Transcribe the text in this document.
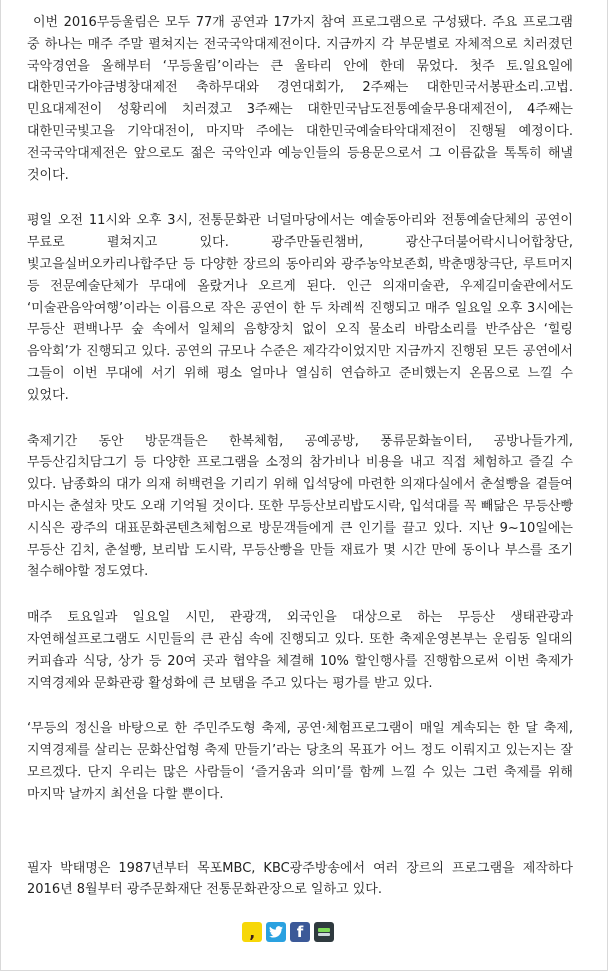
이번 2016무등울림은 모두 77개 공연과 17가지 참여 프로그램으로 구성됐다. 주요 프로그램 중 하나는 매주 주말 펼쳐지는 전국국악대제전이다. 지금까지 각 부문별로 자체적으로 치러졌던 국악경연을 올해부터 ‘무등울림’이라는 큰 울타리 안에 한데 묶었다. 첫주 토.일요일에 대한민국가야금병창대제전 축하무대와 경연대회가, 2주째는 대한민국서봉판소리.고법.민요대제전이 성황리에 치러졌고 3주째는 대한민국남도전통예술무용대제전이, 4주째는 대한민국빛고을 기악대전이, 마지막 주에는 대한민국예술타악대제전이 진행될 예정이다. 전국국악대제전은 앞으로도 젊은 국악인과 예능인들의 등용문으로서 그 이름값을 톡톡히 해낼 것이다.

평일 오전 11시와 오후 3시, 전통문화관 너덜마당에서는 예술동아리와 전통예술단체의 공연이 무료로 펼쳐지고 있다. 광주만돌린챔버, 광산구더불어락시니어합창단, 빛고을실버오카리나합주단 등 다양한 장르의 동아리와 광주농악보존회, 박춘맹창극단, 루트머지 등 전문예술단체가 무대에 올랐거나 오르게 된다. 인근 의재미술관, 우제길미술관에서도 ‘미술관음악여행’이라는 이름으로 작은 공연이 한 두 차례씩 진행되고 매주 일요일 오후 3시에는 무등산 편백나무 숲 속에서 일체의 음향장치 없이 오직 물소리 바람소리를 반주삼은 ‘힐링 음악회’가 진행되고 있다. 공연의 규모나 수준은 제각각이었지만 지금까지 진행된 모든 공연에서 그들이 이번 무대에 서기 위해 평소 얼마나 열심히 연습하고 준비했는지 온몸으로 느낄 수 있었다.

축제기간 동안 방문객들은 한복체험, 공예공방, 풍류문화놀이터, 공방나들가게, 무등산김치담그기 등 다양한 프로그램을 소정의 참가비나 비용을 내고 직접 체험하고 즐길 수 있다. 남종화의 대가 의재 허백련을 기리기 위해 입석당에 마련한 의재다실에서 춘설빵을 곁들여 마시는 춘설차 맛도 오래 기억될 것이다. 또한 무등산보리밥도시락, 입석대를 꼭 빼닮은 무등산빵 시식은 광주의 대표문화콘텐츠체험으로 방문객들에게 큰 인기를 끌고 있다. 지난 9~10일에는 무등산 김치, 춘설빵, 보리밥 도시락, 무등산빵을 만들 재료가 몇 시간 만에 동이나 부스를 조기 철수해야할 정도였다.

매주 토요일과 일요일 시민, 관광객, 외국인을 대상으로 하는 무등산 생태관광과 자연해설프로그램도 시민들의 큰 관심 속에 진행되고 있다. 또한 축제운영본부는 운림동 일대의 커피숍과 식당, 상가 등 20여 곳과 협약을 체결해 10% 할인행사를 진행함으로써 이번 축제가 지역경제와 문화관광 활성화에 큰 보탬을 주고 있다는 평가를 받고 있다.

‘무등의 정신을 바탕으로 한 주민주도형 축제, 공연·체험프로그램이 매일 계속되는 한 달 축제, 지역경제를 살리는 문화산업형 축제 만들기’라는 당초의 목표가 어느 정도 이뤄지고 있는지는 잘 모르겠다. 단지 우리는 많은 사람들이 ‘즐거움과 의미’를 함께 느낄 수 있는 그런 축제를 위해 마지막 날까지 최선을 다할 뿐이다.

필자 박태명은 1987년부터 목포MBC, KBC광주방송에서 여러 장르의 프로그램을 제작하다 2016년 8월부터 광주문화재단 전통문화관장으로 일하고 있다.

‚	f
